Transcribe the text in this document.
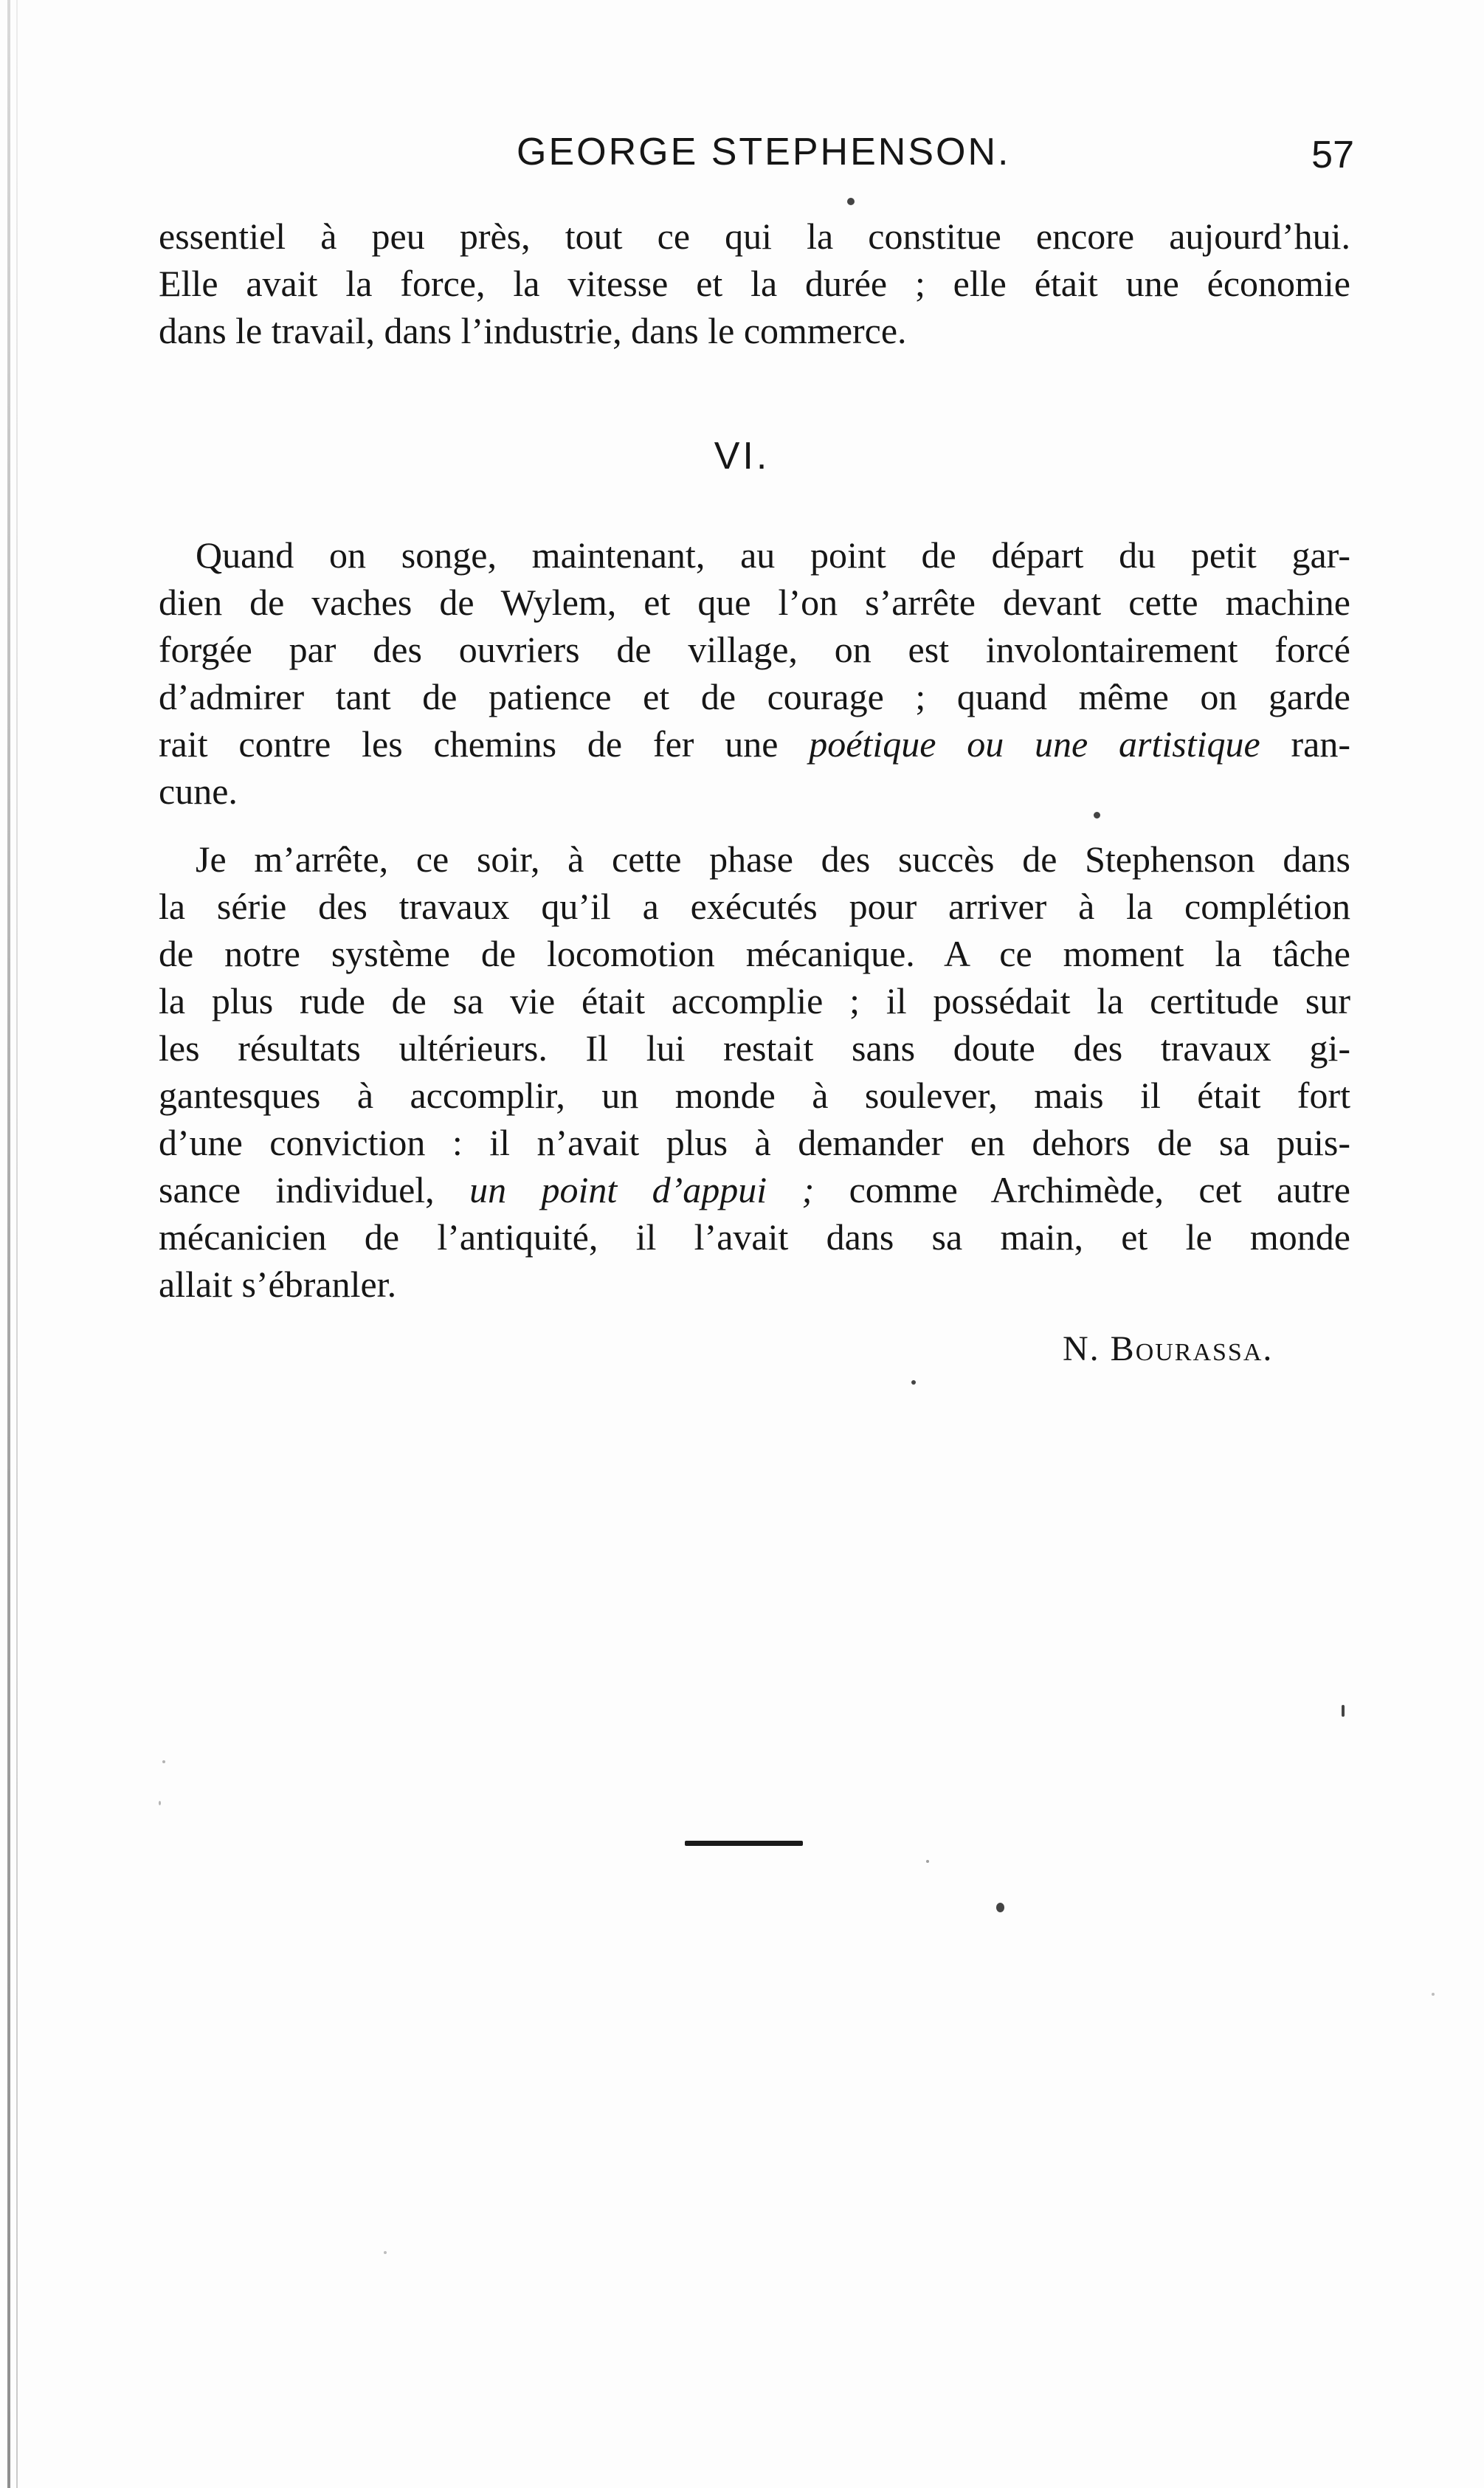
GEORGE STEPHENSON.	57
essentiel à peu près, tout ce qui la constitue encore aujourd’hui.
Elle avait la force, la vitesse et la durée ; elle était une économie
dans le travail, dans l’industrie, dans le commerce.
VI.
Quand on songe, maintenant, au point de départ du petit gar-
dien de vaches de Wylem, et que l’on s’arrête devant cette machine
forgée par des ouvriers de village, on est involontairement forcé
d’admirer tant de patience et de courage ; quand même on garde
rait contre les chemins de fer une poétique ou une artistique ran-
cune.
Je m’arrête, ce soir, à cette phase des succès de Stephenson dans
la série des travaux qu’il a exécutés pour arriver à la complétion
de notre système de locomotion mécanique. A ce moment la tâche
la plus rude de sa vie était accomplie ; il possédait la certitude sur
les résultats ultérieurs. Il lui restait sans doute des travaux gi-
gantesques à accomplir, un monde à soulever, mais il était fort
d’une conviction : il n’avait plus à demander en dehors de sa puis-
sance individuel, un point d’appui ; comme Archimède, cet autre
mécanicien de l’antiquité, il l’avait dans sa main, et le monde
allait s’ébranler.
N. Bourassa.
